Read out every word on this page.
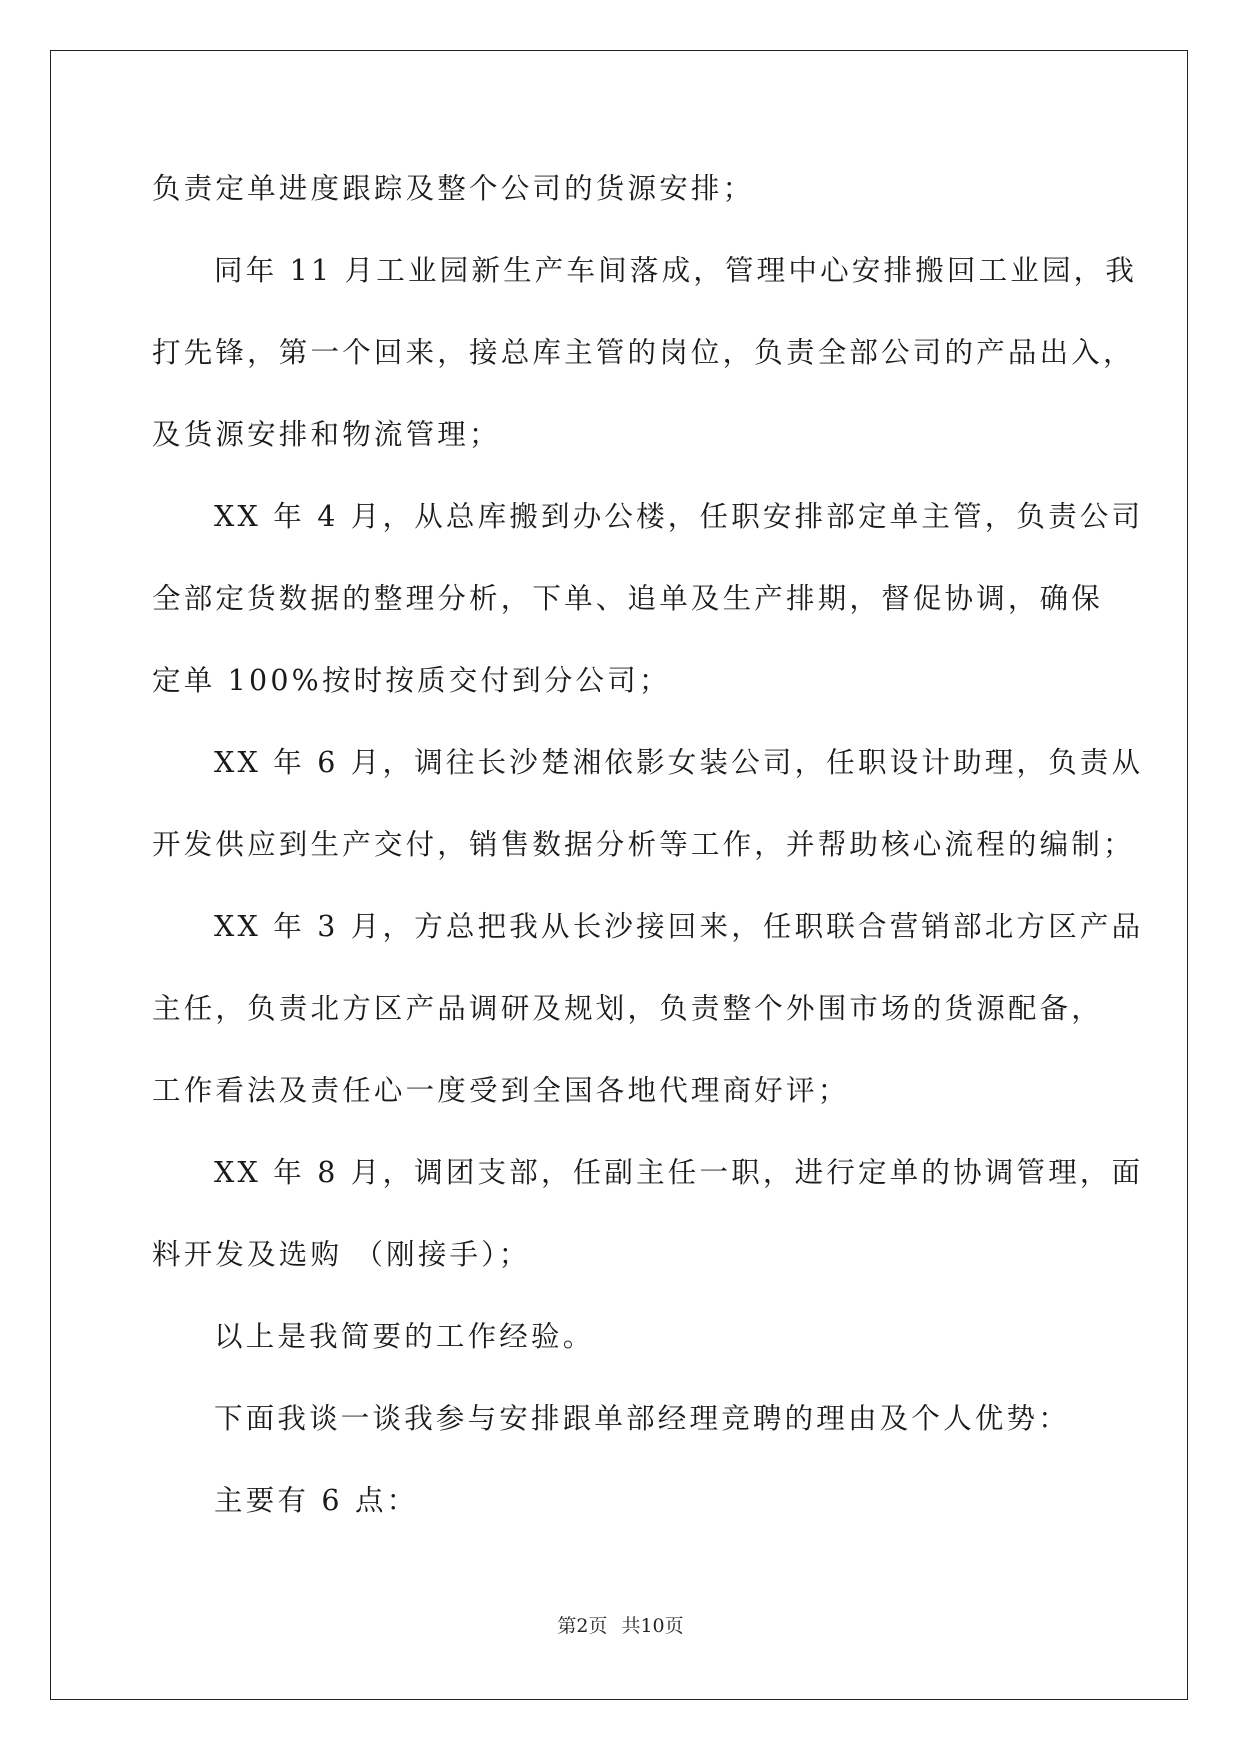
负责定单进度跟踪及整个公司的货源安排；
同年 11 月工业园新生产车间落成，管理中心安排搬回工业园，我
打先锋，第一个回来，接总库主管的岗位，负责全部公司的产品出入，
及货源安排和物流管理；
XX 年 4 月，从总库搬到办公楼，任职安排部定单主管，负责公司
全部定货数据的整理分析，下单、追单及生产排期，督促协调，确保
定单 100%按时按质交付到分公司；
XX 年 6 月，调往长沙楚湘依影女装公司，任职设计助理，负责从
开发供应到生产交付，销售数据分析等工作，并帮助核心流程的编制；
XX 年 3 月，方总把我从长沙接回来，任职联合营销部北方区产品
主任，负责北方区产品调研及规划，负责整个外围市场的货源配备，
工作看法及责任心一度受到全国各地代理商好评；
XX 年 8 月，调团支部，任副主任一职，进行定单的协调管理，面
料开发及选购 （刚接手）；
以上是我简要的工作经验。
下面我谈一谈我参与安排跟单部经理竞聘的理由及个人优势：
主要有 6 点：
第2页 共10页
